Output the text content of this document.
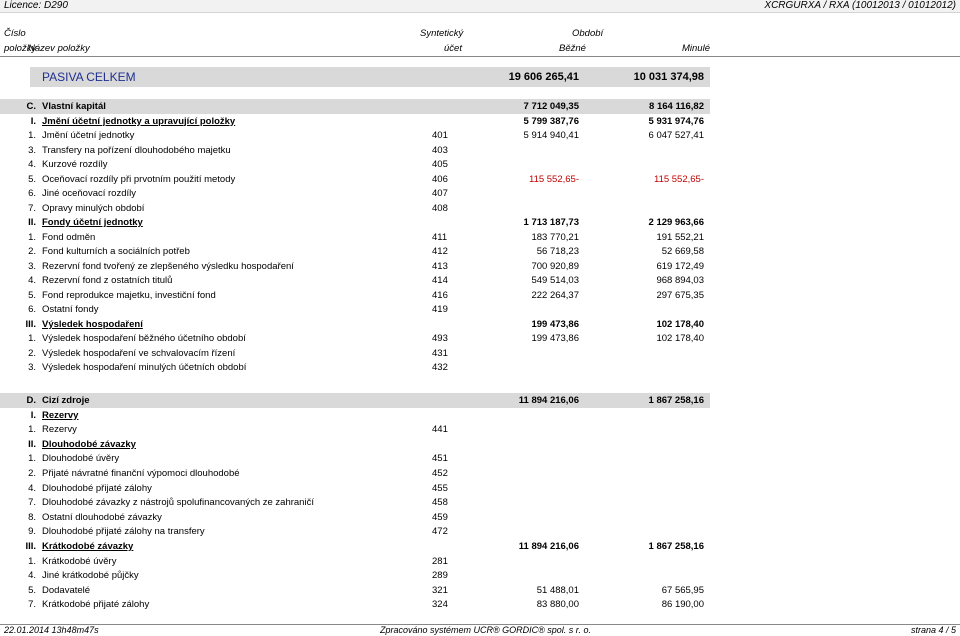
Licence: D290	XCRGURXA / RXA (10012013 / 01012012)
Číslo
položky
Název položky
Syntetický
účet
Období
Běžné	Minulé
PASIVA CELKEM	19 606 265,41	10 031 374,98
C. Vlastní kapitál	7 712 049,35	8 164 116,82
I. Jmění účetní jednotky a upravující položky	5 799 387,76	5 931 974,76
1. Jmění účetní jednotky	401	5 914 940,41	6 047 527,41
3. Transfery na pořízení dlouhodobého majetku	403
4. Kurzové rozdíly	405
5. Oceňovací rozdíly při prvotním použití metody	406	115 552,65-	115 552,65-
6. Jiné oceňovací rozdíly	407
7. Opravy minulých období	408
II. Fondy účetní jednotky	1 713 187,73	2 129 963,66
1. Fond odměn	411	183 770,21	191 552,21
2. Fond kulturních a sociálních potřeb	412	56 718,23	52 669,58
3. Rezervní fond tvořený ze zlepšeného výsledku hospodaření	413	700 920,89	619 172,49
4. Rezervní fond z ostatních titulů	414	549 514,03	968 894,03
5. Fond reprodukce majetku, investiční fond	416	222 264,37	297 675,35
6. Ostatní fondy	419
III. Výsledek hospodaření	199 473,86	102 178,40
1. Výsledek hospodaření běžného účetního období	493	199 473,86	102 178,40
2. Výsledek hospodaření ve schvalovacím řízení	431
3. Výsledek hospodaření minulých účetních období	432
D. Cizí zdroje	11 894 216,06	1 867 258,16
I. Rezervy
1. Rezervy	441
II. Dlouhodobé závazky
1. Dlouhodobé úvěry	451
2. Přijaté návratné finanční výpomoci dlouhodobé	452
4. Dlouhodobé přijaté zálohy	455
7. Dlouhodobé závazky z nástrojů spolufinancovaných ze zahraničí	458
8. Ostatní dlouhodobé závazky	459
9. Dlouhodobé přijaté zálohy na transfery	472
III. Krátkodobé závazky	11 894 216,06	1 867 258,16
1. Krátkodobé úvěry	281
4. Jiné krátkodobé půjčky	289
5. Dodavatelé	321	51 488,01	67 565,95
7. Krátkodobé přijaté zálohy	324	83 880,00	86 190,00
22.01.2014 13h48m47s	Zpracováno systémem UCR® GORDIC® spol. s r. o.	strana 4 / 5
